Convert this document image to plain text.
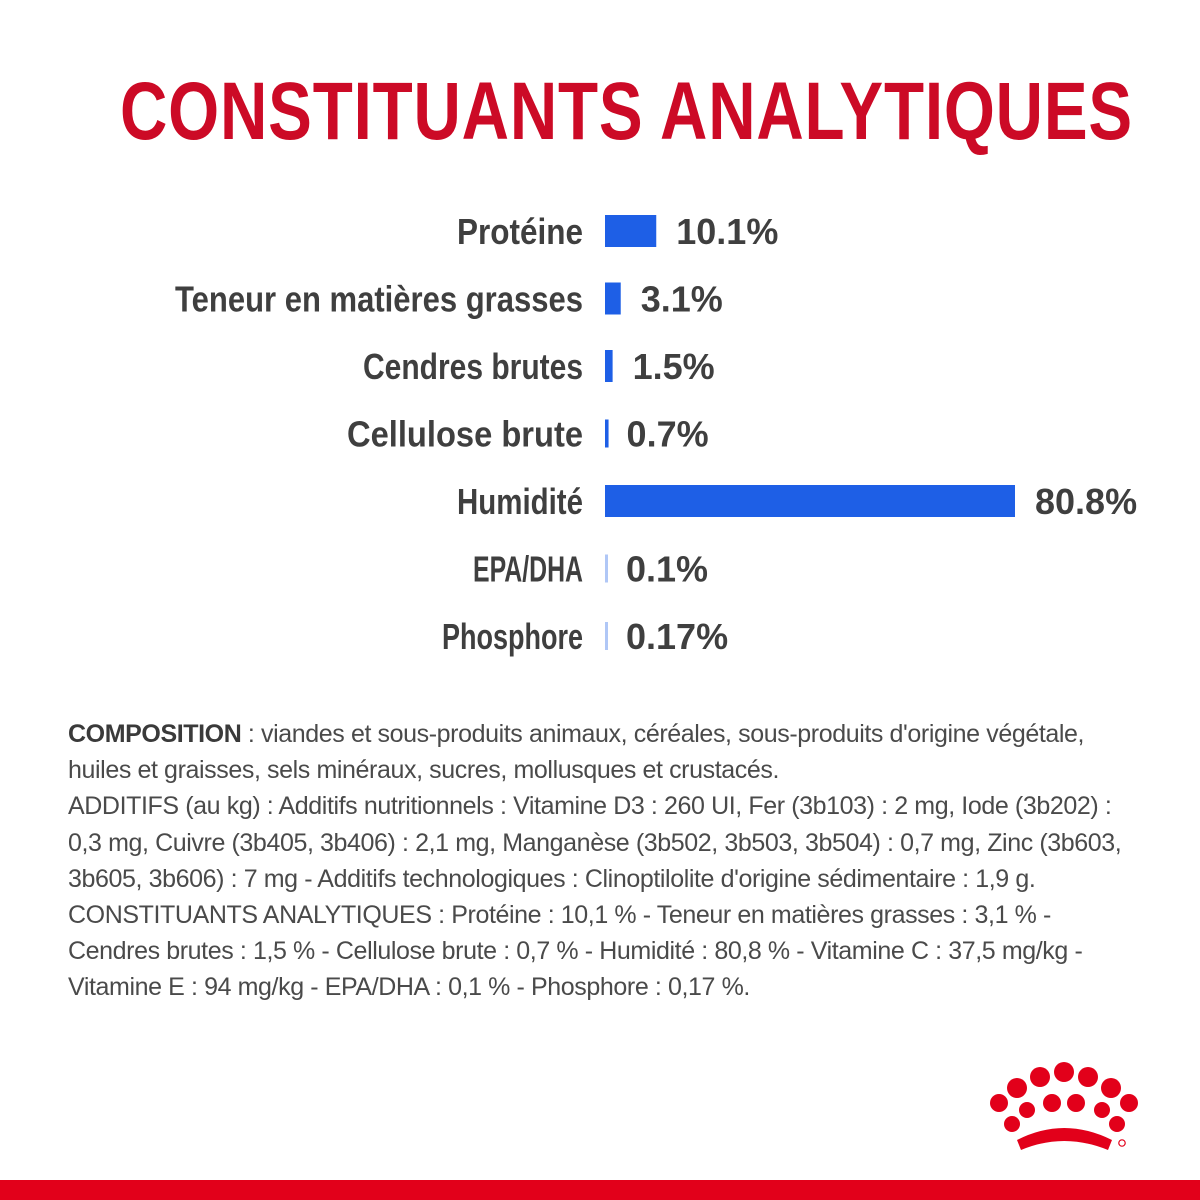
CONSTITUANTS ANALYTIQUES
Protéine	10.1%
Teneur en matières grasses 3.1%
Cendres brutes 1.5%
Cellulose brute 0.7%
Humidité	80.8%
EPA/DHA 0.1%
Phosphore 0.17%

COMPOSITION : viandes et sous-produits animaux, céréales, sous-produits d'origine végétale, huiles et graisses, sels minéraux, sucres, mollusques et crustacés.

ADDITIFS (au kg) : Additifs nutritionnels : Vitamine D3 : 260 UI, Fer (3b103) : 2 mg, Iode (3b202) : 0,3 mg, Cuivre (3b405, 3b406) : 2,1 mg, Manganèse (3b502, 3b503, 3b504) : 0,7 mg, Zinc (3b603, 3b605, 3b606) : 7 mg - Additifs technologiques : Clinoptilolite d'origine sédimentaire : 1,9 g.

CONSTITUANTS ANALYTIQUES : Protéine : 10,1 % - Teneur en matières grasses : 3,1 % - Cendres brutes : 1,5 % - Cellulose brute : 0,7 % - Humidité : 80,8 % - Vitamine C : 37,5 mg/kg - Vitamine E : 94 mg/kg - EPA/DHA : 0,1 % - Phosphore : 0,17 %.
